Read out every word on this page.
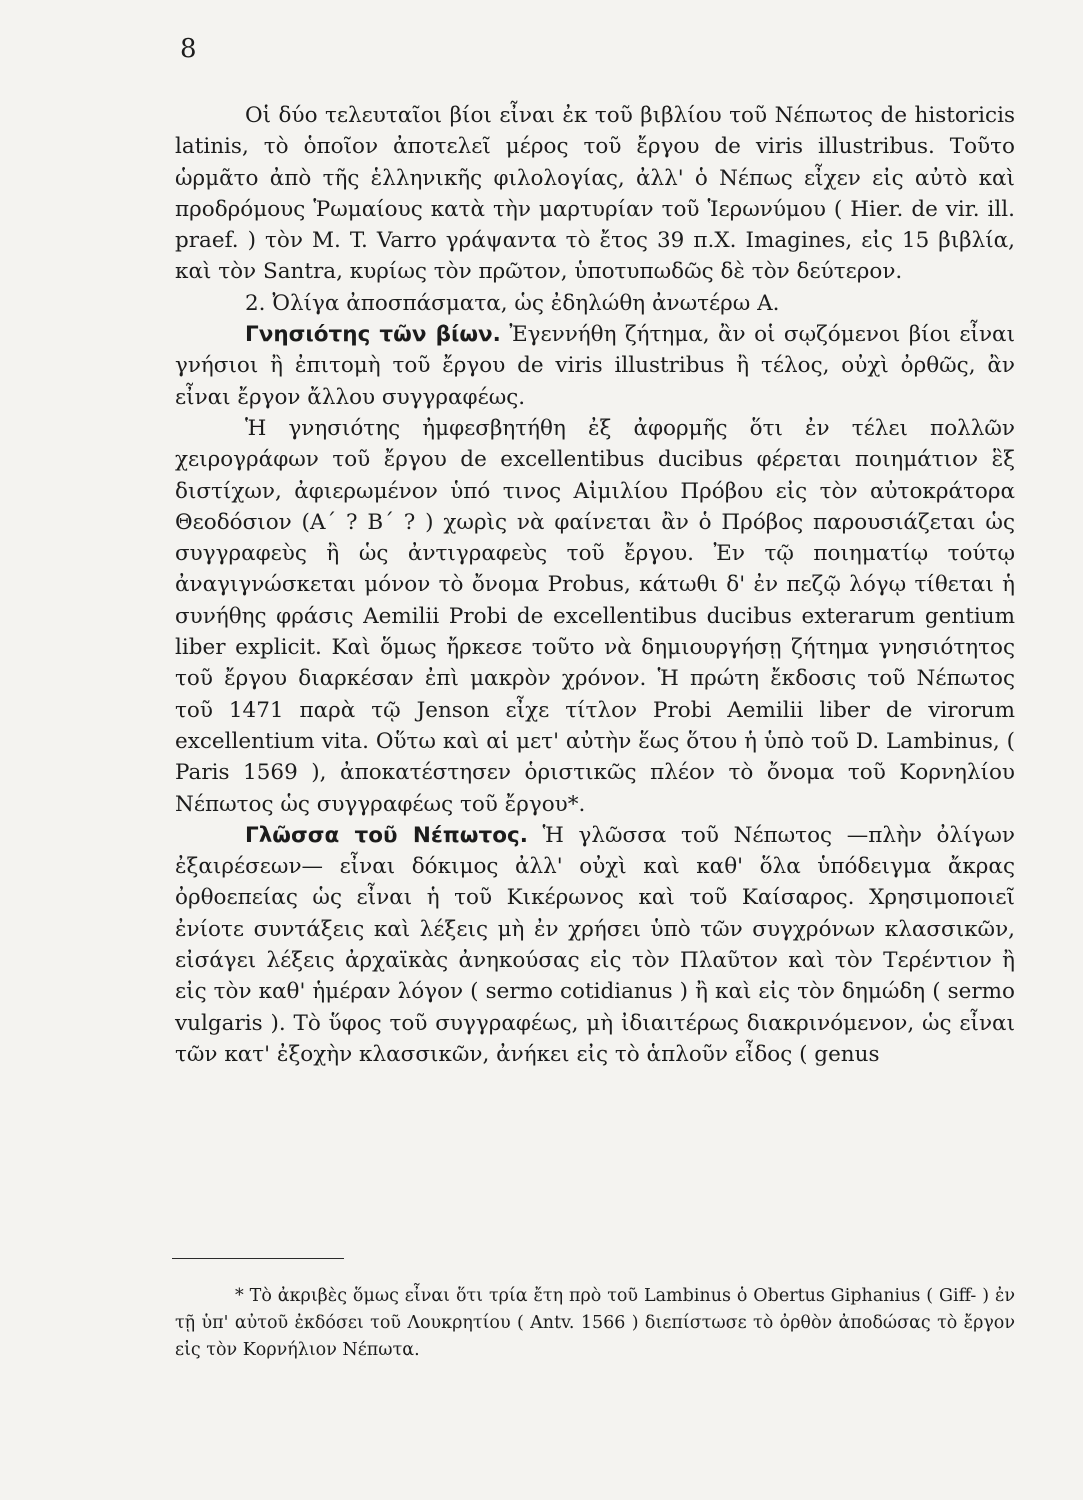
8

Οἱ δύο τελευταῖοι βίοι εἶναι ἐκ τοῦ βιβλίου τοῦ Νέπωτος de historicis latinis, τὸ ὁποῖον ἀποτελεῖ μέρος τοῦ ἔργου de viris illustribus. Τοῦτο ὡρμᾶτο ἀπὸ τῆς ἑλληνικῆς φιλολογίας, ἀλλ' ὁ Νέπως εἶχεν εἰς αὐτὸ καὶ προδρόμους Ῥωμαίους κατὰ τὴν μαρτυρίαν τοῦ Ἱερωνύμου ( Hier. de vir. ill. praef. ) τὸν M. T. Varro γράψαντα τὸ ἔτος 39 π.Χ. Imagines, εἰς 15 βιβλία, καὶ τὸν Santra, κυρίως τὸν πρῶτον, ὑποτυπωδῶς δὲ τὸν δεύτερον.

2. Ὀλίγα ἀποσπάσματα, ὡς ἐδηλώθη ἀνωτέρω A.

Γνησιότης τῶν βίων. Ἐγεννήθη ζήτημα, ἂν οἱ σῳζόμενοι βίοι εἶναι γνήσιοι ἢ ἐπιτομὴ τοῦ ἔργου de viris illustribus ἢ τέλος, οὐχὶ ὀρθῶς, ἂν εἶναι ἔργον ἄλλου συγγραφέως.

Ἡ γνησιότης ἠμφεσβητήθη ἐξ ἀφορμῆς ὅτι ἐν τέλει πολλῶν χειρογράφων τοῦ ἔργου de excellentibus ducibus φέρεται ποιημάτιον ἓξ διστίχων, ἀφιερωμένον ὑπό τινος Αἰμιλίου Πρόβου εἰς τὸν αὐτοκράτορα Θεοδόσιον (Α΄ ? Β΄ ? ) χωρὶς νὰ φαίνεται ἂν ὁ Πρόβος παρουσιάζεται ὡς συγγραφεὺς ἢ ὡς ἀντιγραφεὺς τοῦ ἔργου. Ἐν τῷ ποιηματίῳ τούτῳ ἀναγιγνώσκεται μόνον τὸ ὄνομα Probus, κάτωθι δ' ἐν πεζῷ λόγῳ τίθεται ἡ συνήθης φράσις Aemilii Probi de excellentibus ducibus exterarum gentium liber explicit. Καὶ ὅμως ἤρκεσε τοῦτο νὰ δημιουργήσῃ ζήτημα γνησιότητος τοῦ ἔργου διαρκέσαν ἐπὶ μακρὸν χρόνον. Ἡ πρώτη ἔκδοσις τοῦ Νέπωτος τοῦ 1471 παρὰ τῷ Jenson εἶχε τίτλον Probi Aemilii liber de virorum excellentium vita. Οὕτω καὶ αἱ μετ' αὐτὴν ἕως ὅτου ἡ ὑπὸ τοῦ D. Lambinus, ( Paris 1569 ), ἀποκατέστησεν ὁριστικῶς πλέον τὸ ὄνομα τοῦ Κορνηλίου Νέπωτος ὡς συγγραφέως τοῦ ἔργου*.

Γλῶσσα τοῦ Νέπωτος. Ἡ γλῶσσα τοῦ Νέπωτος —πλὴν ὀλίγων ἐξαιρέσεων— εἶναι δόκιμος ἀλλ' οὐχὶ καὶ καθ' ὅλα ὑπόδειγμα ἄκρας ὀρθοεπείας ὡς εἶναι ἡ τοῦ Κικέρωνος καὶ τοῦ Καίσαρος. Χρησιμοποιεῖ ἐνίοτε συντάξεις καὶ λέξεις μὴ ἐν χρήσει ὑπὸ τῶν συγχρόνων κλασσικῶν, εἰσάγει λέξεις ἀρχαϊκὰς ἀνηκούσας εἰς τὸν Πλαῦτον καὶ τὸν Τερέντιον ἢ εἰς τὸν καθ' ἡμέραν λόγον ( sermo cotidianus ) ἢ καὶ εἰς τὸν δημώδη ( sermo vulgaris ). Τὸ ὕφος τοῦ συγγραφέως, μὴ ἰδιαιτέρως διακρινόμενον, ὡς εἶναι τῶν κατ' ἐξοχὴν κλασσικῶν, ἀνήκει εἰς τὸ ἁπλοῦν εἶδος ( genus

* Τὸ ἀκριβὲς ὅμως εἶναι ὅτι τρία ἔτη πρὸ τοῦ Lambinus ὁ Obertus Giphanius ( Giff- ) ἐν τῇ ὑπ' αὐτοῦ ἐκδόσει τοῦ Λουκρητίου ( Antv. 1566 ) διεπίστωσε τὸ ὀρθὸν ἀποδώσας τὸ ἔργον εἰς τὸν Κορνήλιον Νέπωτα.
